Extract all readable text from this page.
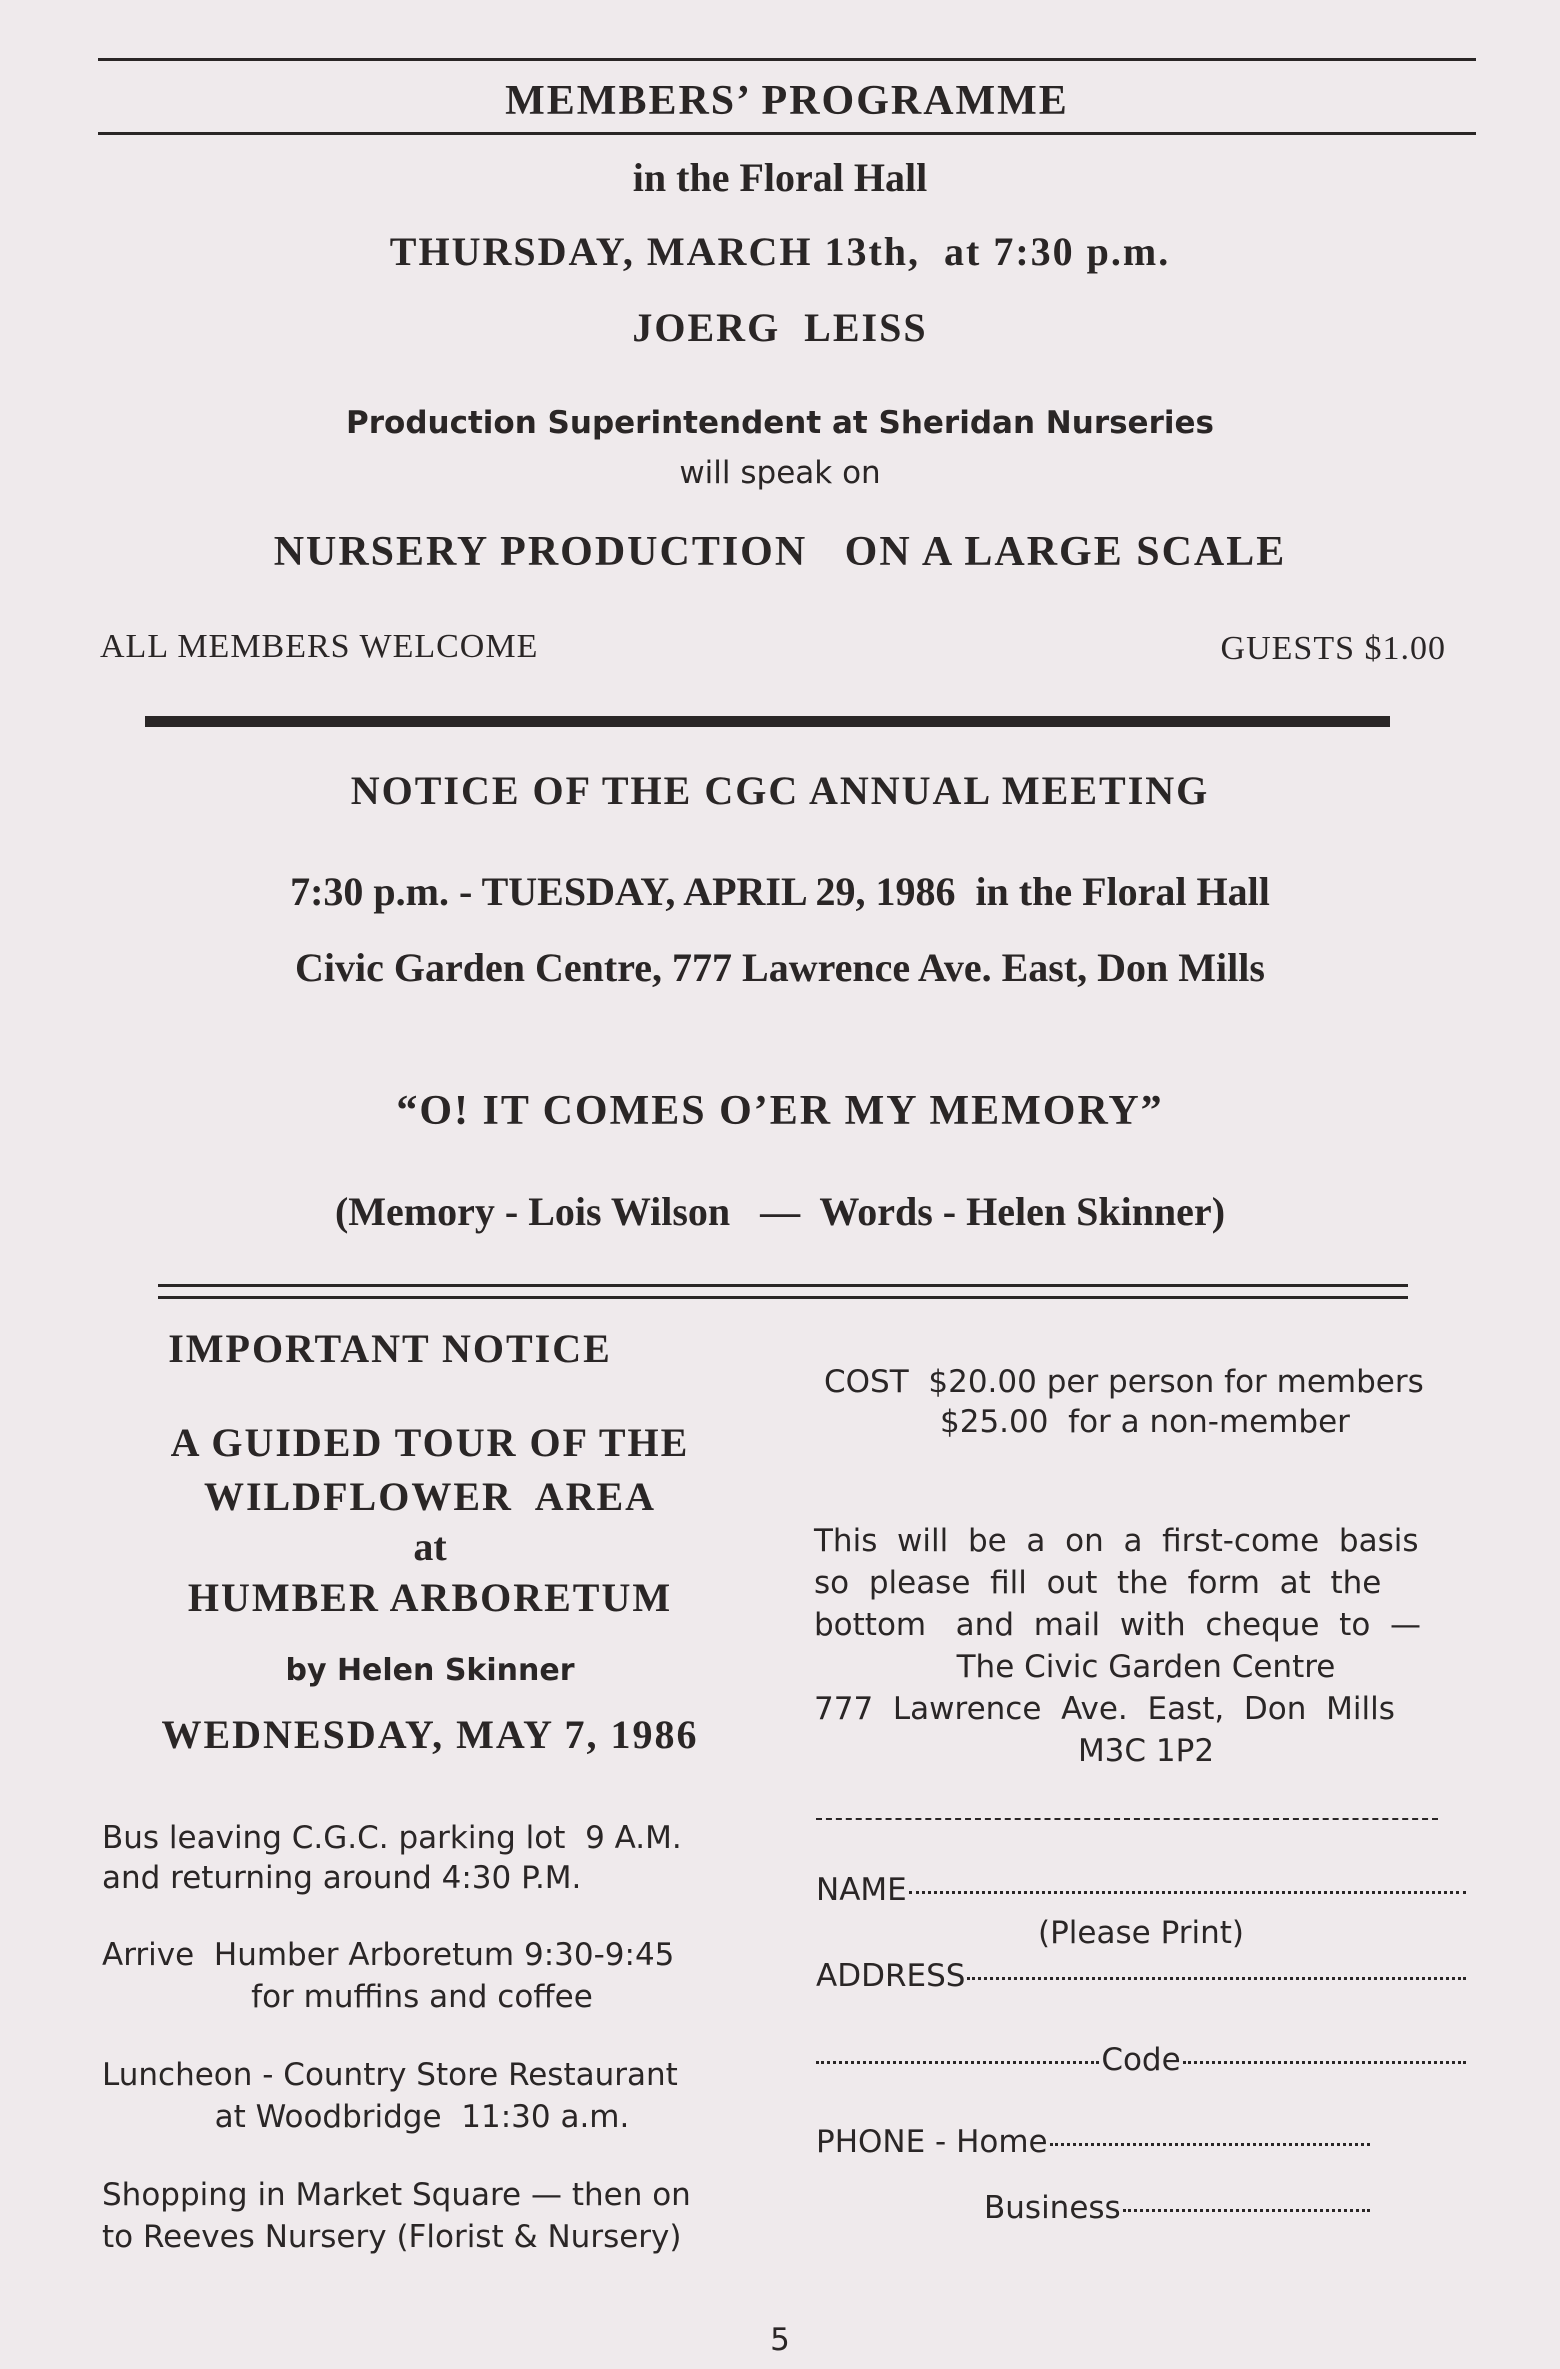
MEMBERS’ PROGRAMME
in the Floral Hall
THURSDAY, MARCH 13th,  at 7:30 p.m.
JOERG  LEISS
Production Superintendent at Sheridan Nurseries
will speak on
NURSERY PRODUCTION   ON A LARGE SCALE
ALL MEMBERS WELCOME	GUESTS $1.00
NOTICE OF THE CGC ANNUAL MEETING
7:30 p.m. - TUESDAY, APRIL 29, 1986  in the Floral Hall
Civic Garden Centre, 777 Lawrence Ave. East, Don Mills
“O! IT COMES O’ER MY MEMORY”
(Memory - Lois Wilson   —  Words - Helen Skinner)
IMPORTANT NOTICE
A GUIDED TOUR OF THE
WILDFLOWER  AREA
at
HUMBER ARBORETUM
by Helen Skinner
WEDNESDAY, MAY 7, 1986
Bus leaving C.G.C. parking lot  9 A.M.
and returning around 4:30 P.M.
Arrive  Humber Arboretum 9:30-9:45
for muffins and coffee
Luncheon - Country Store Restaurant
at Woodbridge  11:30 a.m.
Shopping in Market Square — then on
to Reeves Nursery (Florist & Nursery)
COST  $20.00 per person for members
$25.00  for a non-member
This  will  be  a  on  a  first-come  basis
so  please  fill  out  the  form  at  the
bottom   and  mail  with  cheque  to  —
The Civic Garden Centre
777  Lawrence  Ave.  East,  Don  Mills
M3C 1P2
NAME
(Please Print)
ADDRESS
Code
PHONE - Home
Business
5
